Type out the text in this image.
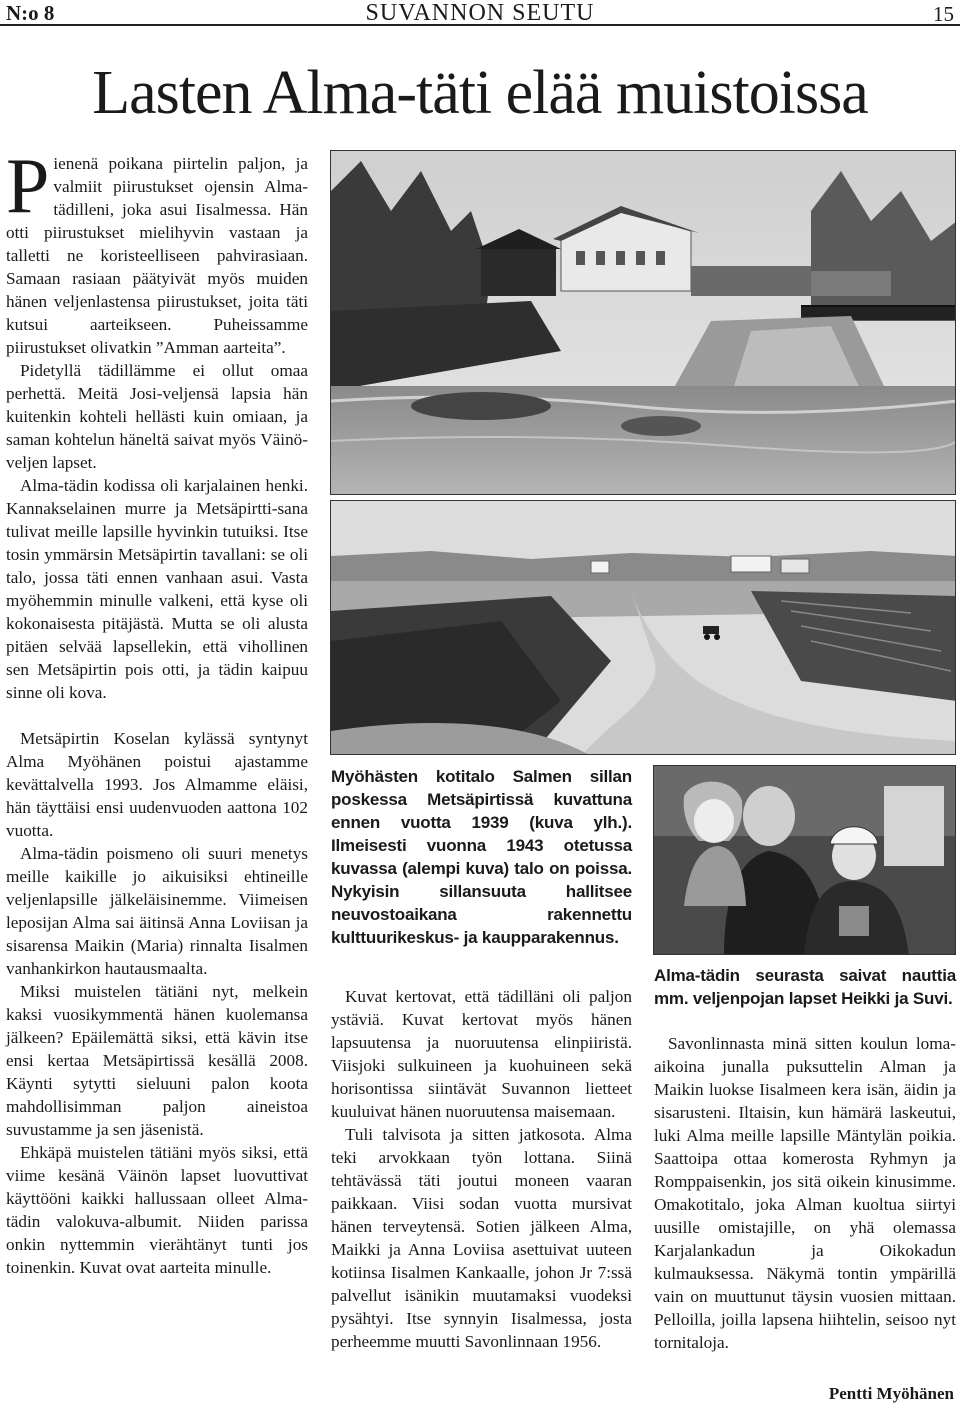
N:o 8	SUVANNON SEUTU	15
Lasten Alma-täti elää muistoissa

Pienenä poikana piirtelin paljon, ja valmiit piirustukset ojensin Alma-tädilleni, joka asui Iisalmessa. Hän otti piirustukset mielihyvin vastaan ja talletti ne koristeelliseen pahvirasiaan. Samaan rasiaan päätyivät myös muiden hänen veljenlastensa piirustukset, joita täti kutsui aarteikseen. Puheissamme piirustukset olivatkin ”Amman aarteita”.

Pidetyllä tädillämme ei ollut omaa perhettä. Meitä Josi-veljensä lapsia hän kuitenkin kohteli hellästi kuin omiaan, ja saman kohtelun häneltä saivat myös Väinö-veljen lapset.

Alma-tädin kodissa oli karjalainen henki. Kannakselainen murre ja Metsäpirtti-sana tulivat meille lapsille hyvinkin tutuiksi. Itse tosin ymmärsin Metsäpirtin tavallani: se oli talo, jossa täti ennen vanhaan asui. Vasta myöhemmin minulle valkeni, että kyse oli kokonaisesta pitäjästä. Mutta se oli alusta pitäen selvää lapsellekin, että vihollinen sen Metsäpirtin pois otti, ja tädin kaipuu sinne oli kova.

Metsäpirtin Koselan kylässä syntynyt Alma Myöhänen poistui ajastamme kevättalvella 1993. Jos Almamme eläisi, hän täyttäisi ensi uudenvuoden aattona 102 vuotta.

Alma-tädin poismeno oli suuri menetys meille kaikille jo aikuisiksi ehtineille veljenlapsille jälkeläisinemme. Viimeisen leposijan Alma sai äitinsä Anna Loviisan ja sisarensa Maikin (Maria) rinnalta Iisalmen vanhankirkon hautausmaalta.

Miksi muistelen tätiäni nyt, melkein kaksi vuosikymmentä hänen kuolemansa jälkeen? Epäilemättä siksi, että kävin itse ensi kertaa Metsäpirtissä kesällä 2008. Käynti sytytti sieluuni palon koota mahdollisimman paljon aineistoa suvustamme ja sen jäsenistä.

Ehkäpä muistelen tätiäni myös siksi, että viime kesänä Väinön lapset luovuttivat käyttööni kaikki hallussaan olleet Alma-tädin valokuva-albumit. Niiden parissa onkin nyttemmin vierähtänyt tunti jos toinenkin. Kuvat ovat aarteita minulle.

Myöhästen kotitalo Salmen sillan poskessa Metsäpirtissä kuvattuna ennen vuotta 1939 (kuva ylh.). Ilmeisesti vuonna 1943 otetussa kuvassa (alempi kuva) talo on poissa. Nykyisin sillansuuta hallitsee neuvostoaikana rakennettu kulttuurikeskus- ja kaupparakennus.

Kuvat kertovat, että tädilläni oli paljon ystäviä. Kuvat kertovat myös hänen lapsuutensa ja nuoruutensa elinpiiristä. Viisjoki sulkuineen ja kuohuineen sekä horisontissa siintävät Suvannon lietteet kuuluivat hänen nuoruutensa maisemaan.

Tuli talvisota ja sitten jatkosota. Alma teki arvokkaan työn lottana. Siinä tehtävässä täti joutui moneen vaaran paikkaan. Viisi sodan vuotta mursivat hänen terveytensä. Sotien jälkeen Alma, Maikki ja Anna Loviisa asettuivat uuteen kotiinsa Iisalmen Kankaalle, johon Jr 7:ssä palvellut isänikin muutamaksi vuodeksi pysähtyi. Itse synnyin Iisalmessa, josta perheemme muutti Savonlinnaan 1956.

Alma-tädin seurasta saivat nauttia mm. veljenpojan lapset Heikki ja Suvi.

Savonlinnasta minä sitten koulun loma-aikoina junalla puksuttelin Alman ja Maikin luokse Iisalmeen kera isän, äidin ja sisarusteni. Iltaisin, kun hämärä laskeutui, luki Alma meille lapsille Mäntylän poikia. Saattoipa ottaa komerosta Ryhmyn ja Romppaisenkin, jos sitä oikein kinusimme. Omakotitalo, joka Alman kuoltua siirtyi uusille omistajille, on yhä olemassa Karjalankadun ja Oikokadun kulmauksessa. Näkymä tontin ympärillä vain on muuttunut täysin vuosien mittaan. Pelloilla, joilla lapsena hiihtelin, seisoo nyt tornitaloja.

Pentti Myöhänen
